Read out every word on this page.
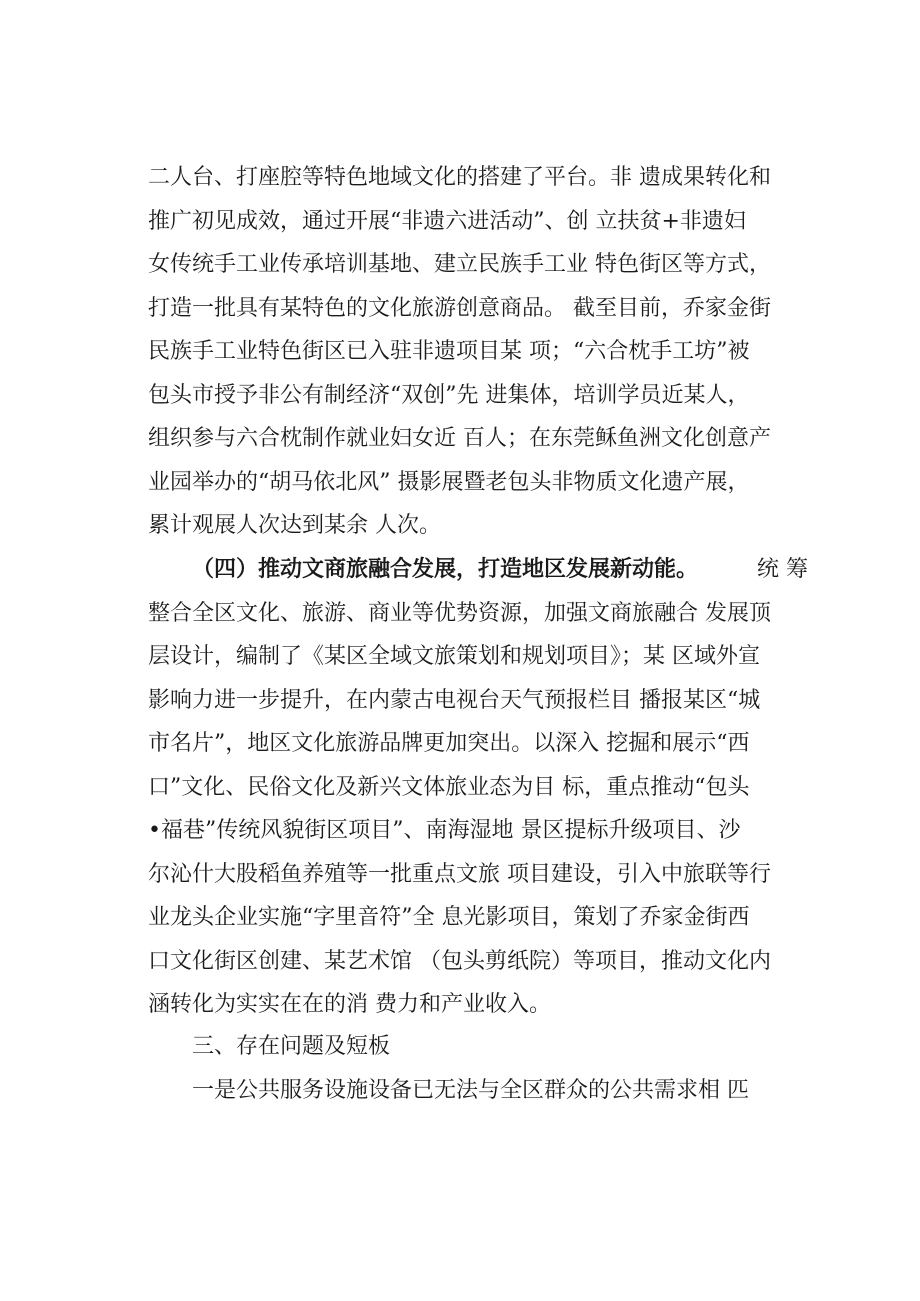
二人台、打座腔等特色地域文化的搭建了平台。非 遗成果转化和
推广初见成效，通过开展“非遗六进活动”、创 立扶贫+非遗妇
女传统手工业传承培训基地、建立民族手工业 特色街区等方式，
打造一批具有某特色的文化旅游创意商品。 截至目前，乔家金街
民族手工业特色街区已入驻非遗项目某 项；“六合枕手工坊”被
包头市授予非公有制经济“双创”先 进集体，培训学员近某人，
组织参与六合枕制作就业妇女近 百人；在东莞稣鱼洲文化创意产
业园举办的“胡马依北风” 摄影展暨老包头非物质文化遗产展，
累计观展人次达到某余 人次。
（四）推动文商旅融合发展，打造地区发展新动能。	统 筹
整合全区文化、旅游、商业等优势资源，加强文商旅融合 发展顶
层设计，编制了《某区全域文旅策划和规划项目》；某 区域外宣
影响力进一步提升，在内蒙古电视台天气预报栏目 播报某区“城
市名片”，地区文化旅游品牌更加突出。以深入 挖掘和展示“西
口”文化、民俗文化及新兴文体旅业态为目 标，重点推动“包头
•福巷”传统风貌街区项目”、南海湿地 景区提标升级项目、沙
尔沁什大股稻鱼养殖等一批重点文旅 项目建设，引入中旅联等行
业龙头企业实施“字里音符”全 息光影项目，策划了乔家金街西
口文化街区创建、某艺术馆 （包头剪纸院）等项目，推动文化内
涵转化为实实在在的消 费力和产业收入。
三、存在问题及短板
一是公共服务设施设备已无法与全区群众的公共需求相 匹
